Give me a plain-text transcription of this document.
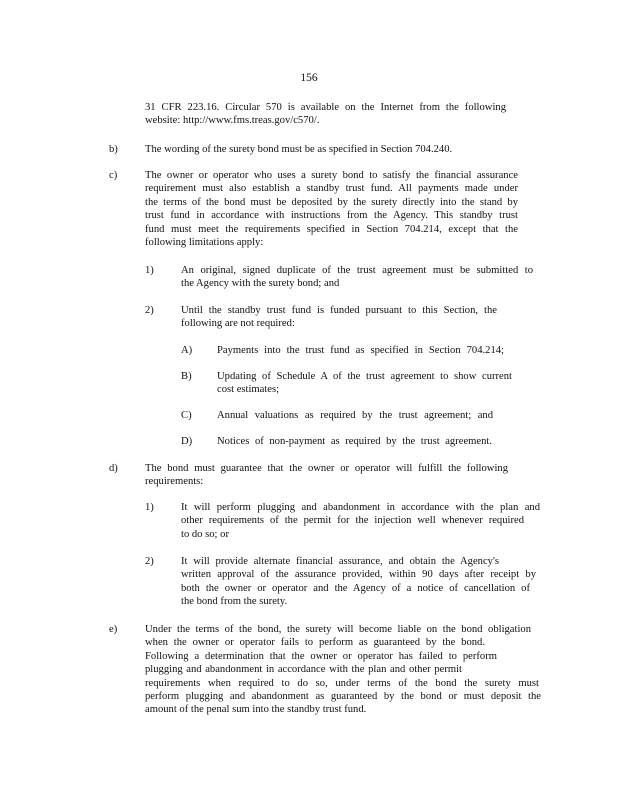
156
31 CFR 223.16. Circular 570 is available on the Internet from the following
website: http://www.fms.treas.gov/c570/.
b)	The wording of the surety bond must be as specified in Section 704.240.
c)	The owner or operator who uses a surety bond to satisfy the financial assurance
requirement must also establish a standby trust fund. All payments made under
the terms of the bond must be deposited by the surety directly into the stand by
trust fund in accordance with instructions from the Agency. This standby trust
fund must meet the requirements specified in Section 704.214, except that the
following limitations apply:
1)	An original, signed duplicate of the trust agreement must be submitted to
the Agency with the surety bond; and
2)	Until the standby trust fund is funded pursuant to this Section, the
following are not required:
A) Payments into the trust fund as specified in Section 704.214;
B) Updating of Schedule A of the trust agreement to show current
cost estimates;
C) Annual valuations as required by the trust agreement; and
D) Notices of non-payment as required by the trust agreement.
d)	The bond must guarantee that the owner or operator will fulfill the following
requirements:
1)	It will perform plugging and abandonment in accordance with the plan and
other requirements of the permit for the injection well whenever required
to do so; or
2)	It will provide alternate financial assurance, and obtain the Agency's
written approval of the assurance provided, within 90 days after receipt by
both the owner or operator and the Agency of a notice of cancellation of
the bond from the surety.
e)	Under the terms of the bond, the surety will become liable on the bond obligation
when the owner or operator fails to perform as guaranteed by the bond.
Following a determination that the owner or operator has failed to perform
plugging and abandonment in accordance with the plan and other permit
requirements when required to do so, under terms of the bond the surety must
perform plugging and abandonment as guaranteed by the bond or must deposit the
amount of the penal sum into the standby trust fund.
